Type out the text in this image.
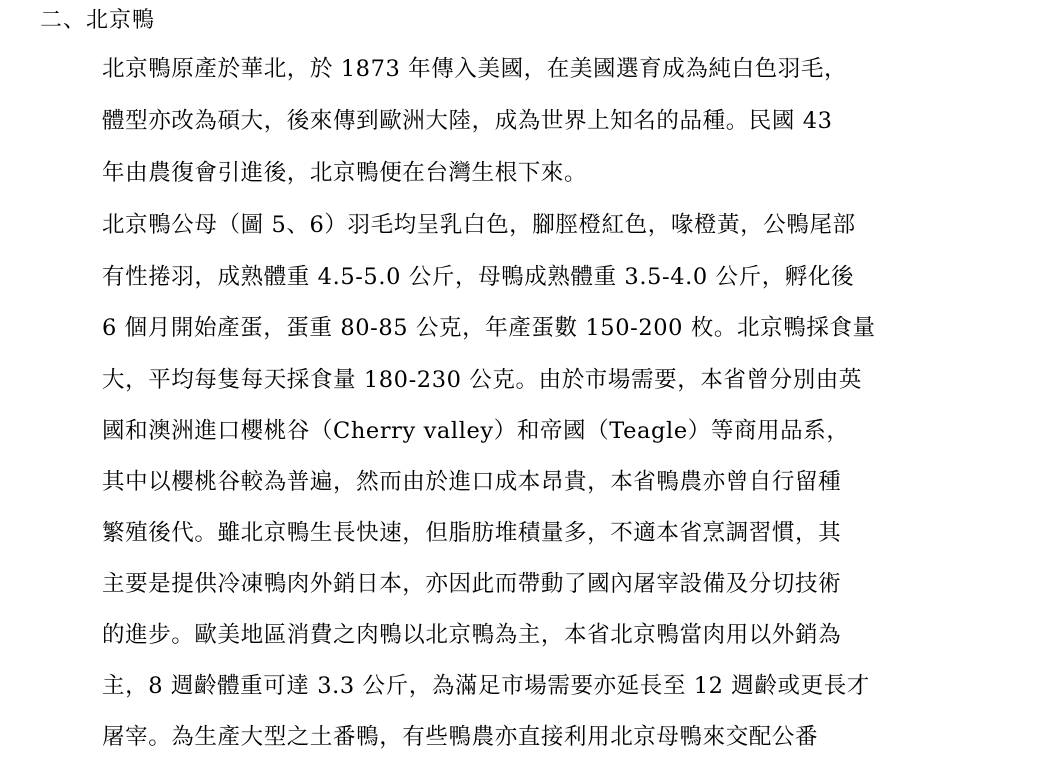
二、北京鴨
北京鴨原產於華北，於 1873 年傳入美國，在美國選育成為純白色羽毛，
體型亦改為碩大，後來傳到歐洲大陸，成為世界上知名的品種。民國 43
年由農復會引進後，北京鴨便在台灣生根下來。
北京鴨公母（圖 5、6）羽毛均呈乳白色，腳脛橙紅色，喙橙黃，公鴨尾部
有性捲羽，成熟體重 4.5-5.0 公斤，母鴨成熟體重 3.5-4.0 公斤，孵化後
6 個月開始產蛋，蛋重 80-85 公克，年產蛋數 150-200 枚。北京鴨採食量
大，平均每隻每天採食量 180-230 公克。由於市場需要，本省曾分別由英
國和澳洲進口櫻桃谷（Cherry valley）和帝國（Teagle）等商用品系，
其中以櫻桃谷較為普遍，然而由於進口成本昂貴，本省鴨農亦曾自行留種
繁殖後代。雖北京鴨生長快速，但脂肪堆積量多，不適本省烹調習慣，其
主要是提供冷凍鴨肉外銷日本，亦因此而帶動了國內屠宰設備及分切技術
的進步。歐美地區消費之肉鴨以北京鴨為主，本省北京鴨當肉用以外銷為
主，8 週齡體重可達 3.3 公斤，為滿足市場需要亦延長至 12 週齡或更長才
屠宰。為生產大型之土番鴨，有些鴨農亦直接利用北京母鴨來交配公番
